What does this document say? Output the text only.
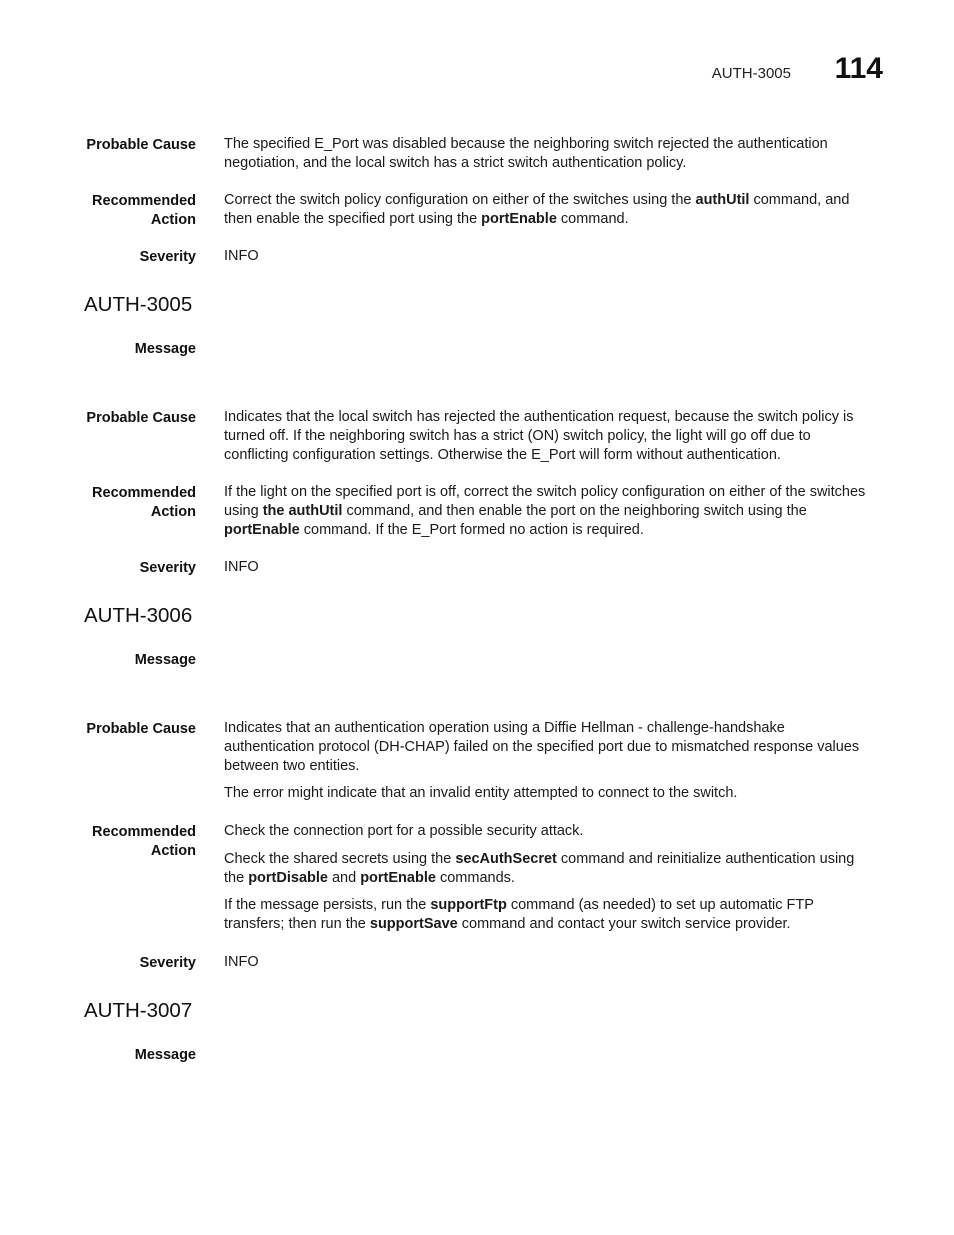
AUTH-3005 114
Probable Cause The specified E_Port was disabled because the neighboring switch rejected the authentication negotiation, and the local switch has a strict switch authentication policy.

Recommended
Action

Correct the switch policy configuration on either of the switches using the authUtil command, and then enable the specified port using the portEnable command.

Severity INFO
AUTH-3005
Message
Probable Cause Indicates that the local switch has rejected the authentication request, because the switch policy is turned off. If the neighboring switch has a strict (ON) switch policy, the light will go off due to conflicting configuration settings. Otherwise the E_Port will form without authentication.

Recommended
Action

If the light on the specified port is off, correct the switch policy configuration on either of the switches using the authUtil command, and then enable the port on the neighboring switch using the portEnable command. If the E_Port formed no action is required.

Severity INFO
AUTH-3006
Message
Probable Cause Indicates that an authentication operation using a Diffie Hellman - challenge-handshake authentication protocol (DH-CHAP) failed on the specified port due to mismatched response values between two entities.

The error might indicate that an invalid entity attempted to connect to the switch.

Recommended
Action

Check the connection port for a possible security attack.

Check the shared secrets using the secAuthSecret command and reinitialize authentication using the portDisable and portEnable commands.

If the message persists, run the supportFtp command (as needed) to set up automatic FTP transfers; then run the supportSave command and contact your switch service provider.

Severity INFO
AUTH-3007
Message
